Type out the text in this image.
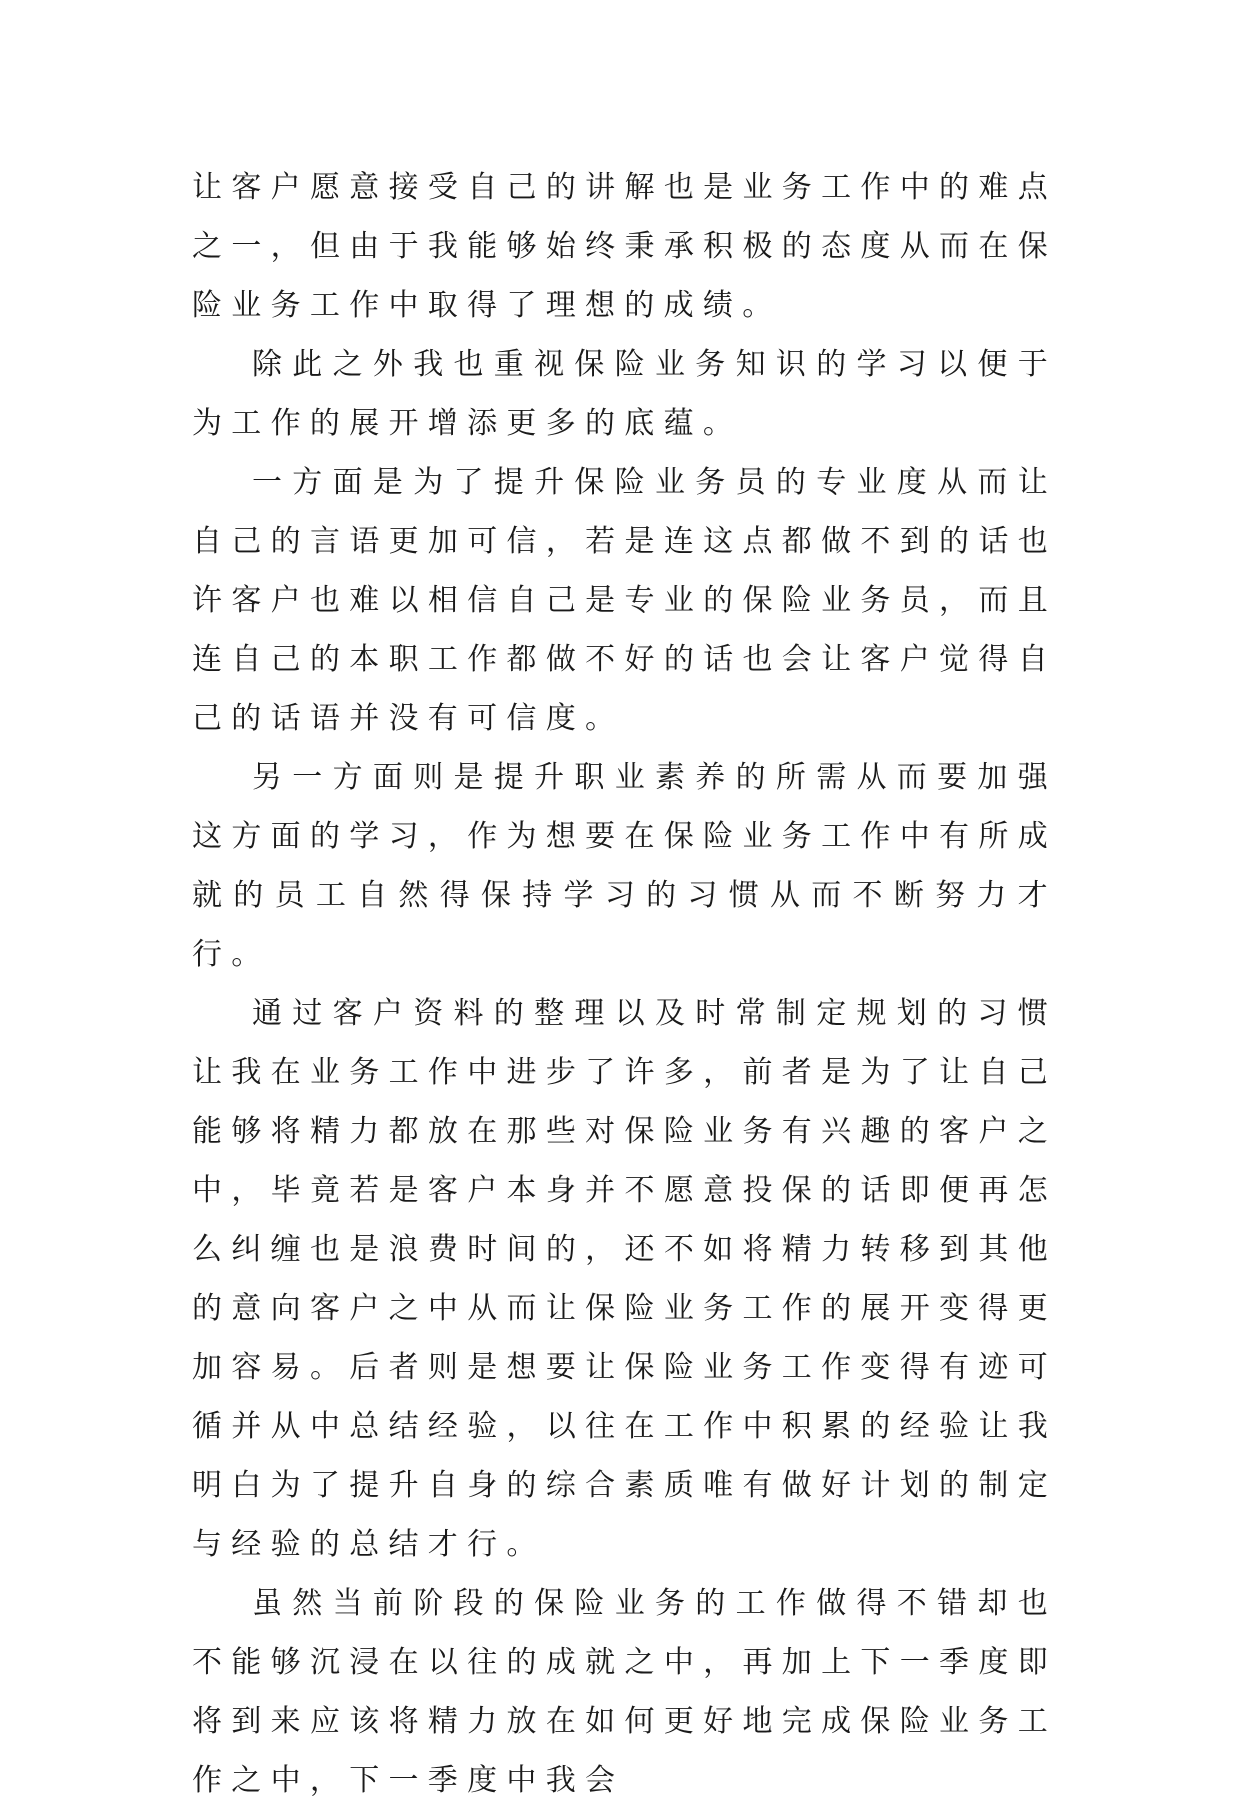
让客户愿意接受自己的讲解也是业务工作中的难点之一，但由于我能够始终秉承积极的态度从而在保险业务工作中取得了理想的成绩。

除此之外我也重视保险业务知识的学习以便于为工作的展开增添更多的底蕴。

一方面是为了提升保险业务员的专业度从而让自己的言语更加可信，若是连这点都做不到的话也许客户也难以相信自己是专业的保险业务员，而且连自己的本职工作都做不好的话也会让客户觉得自己的话语并没有可信度。

另一方面则是提升职业素养的所需从而要加强这方面的学习，作为想要在保险业务工作中有所成就的员工自然得保持学习的习惯从而不断努力才行。

通过客户资料的整理以及时常制定规划的习惯让我在业务工作中进步了许多，前者是为了让自己能够将精力都放在那些对保险业务有兴趣的客户之中，毕竟若是客户本身并不愿意投保的话即便再怎么纠缠也是浪费时间的，还不如将精力转移到其他的意向客户之中从而让保险业务工作的展开变得更加容易。后者则是想要让保险业务工作变得有迹可循并从中总结经验，以往在工作中积累的经验让我明白为了提升自身的综合素质唯有做好计划的制定与经验的总结才行。

虽然当前阶段的保险业务的工作做得不错却也不能够沉浸在以往的成就之中，再加上下一季度即将到来应该将精力放在如何更好地完成保险业务工作之中，下一季度中我会
